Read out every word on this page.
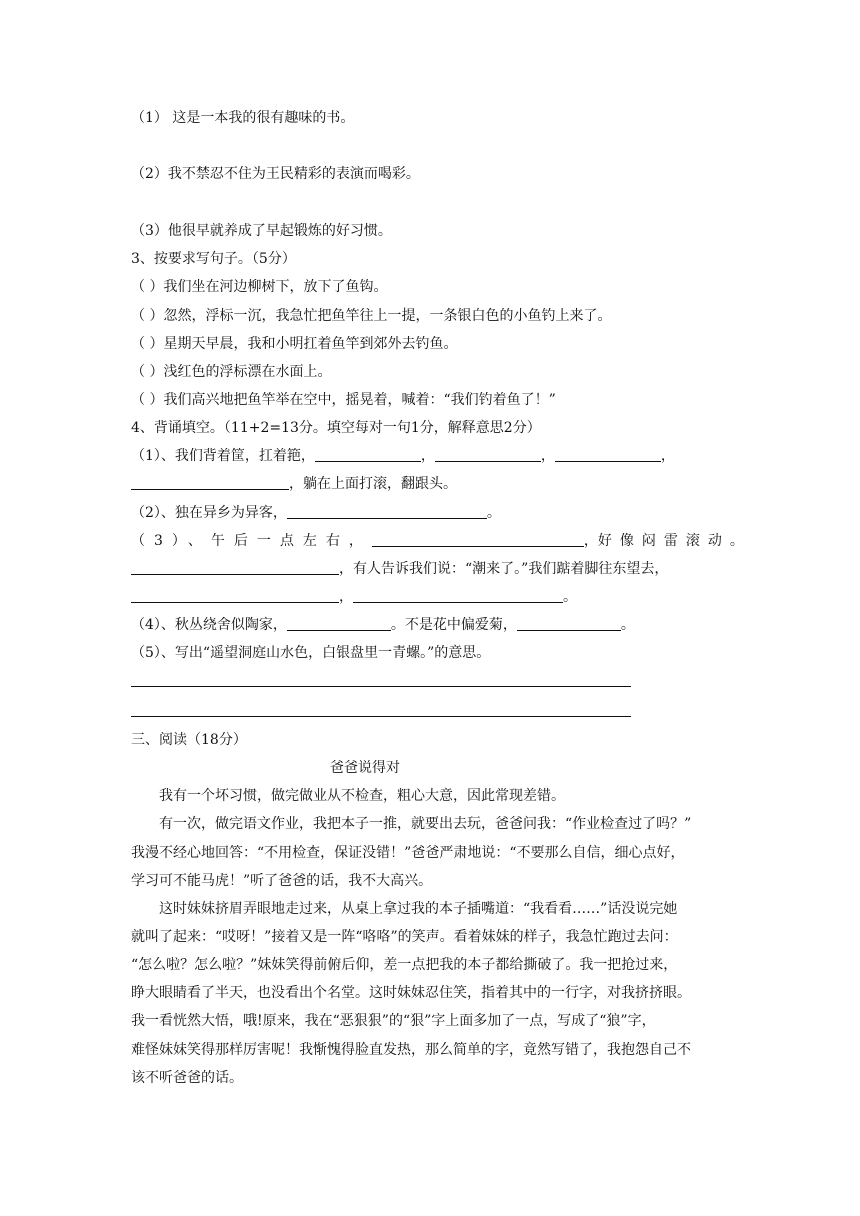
（1） 这是一本我的很有趣味的书。
（2）我不禁忍不住为王民精彩的表演而喝彩。
（3）他很早就养成了早起锻炼的好习惯。
3、按要求写句子。（5分）
（ ）我们坐在河边柳树下，放下了鱼钩。
（ ）忽然，浮标一沉，我急忙把鱼竿往上一提，一条银白色的小鱼钓上来了。
（ ）星期天早晨，我和小明扛着鱼竿到郊外去钓鱼。
（ ）浅红色的浮标漂在水面上。
（ ）我们高兴地把鱼竿举在空中，摇晃着，喊着：“我们钓着鱼了！”
4、背诵填空。（11+2=13分。填空每对一句1分，解释意思2分）
（1）、我们背着筐，扛着筢，	，	，	，
，躺在上面打滚，翻跟头。
（2）、独在异乡为异客，	。
（3）、午后一点左右，	， 好像闷雷滚动。
，有人告诉我们说：“潮来了。”我们踮着脚往东望去，
，	。
（4）、秋丛绕舍似陶家，	。不是花中偏爱菊，	。
（5）、写出“遥望洞庭山水色，白银盘里一青螺。”的意思。
三、阅读（18分）
爸爸说得对
我有一个坏习惯，做完做业从不检查，粗心大意，因此常现差错。
有一次，做完语文作业，我把本子一推，就要出去玩，爸爸问我：“作业检查过了吗？”
我漫不经心地回答：“不用检查，保证没错！”爸爸严肃地说：“不要那么自信，细心点好，
学习可不能马虎！”听了爸爸的话，我不大高兴。
这时妹妹挤眉弄眼地走过来，从桌上拿过我的本子插嘴道：“我看看……”话没说完她
就叫了起来：“哎呀！”接着又是一阵“咯咯”的笑声。看着妹妹的样子，我急忙跑过去问：
“怎么啦？怎么啦？”妹妹笑得前俯后仰，差一点把我的本子都给撕破了。我一把抢过来，
睁大眼睛看了半天，也没看出个名堂。这时妹妹忍住笑，指着其中的一行字，对我挤挤眼。
我一看恍然大悟，哦!原来，我在“恶狠狠”的“狠”字上面多加了一点，写成了“狼”字，
难怪妹妹笑得那样厉害呢！我惭愧得脸直发热，那么简单的字，竟然写错了，我抱怨自己不
该不听爸爸的话。
